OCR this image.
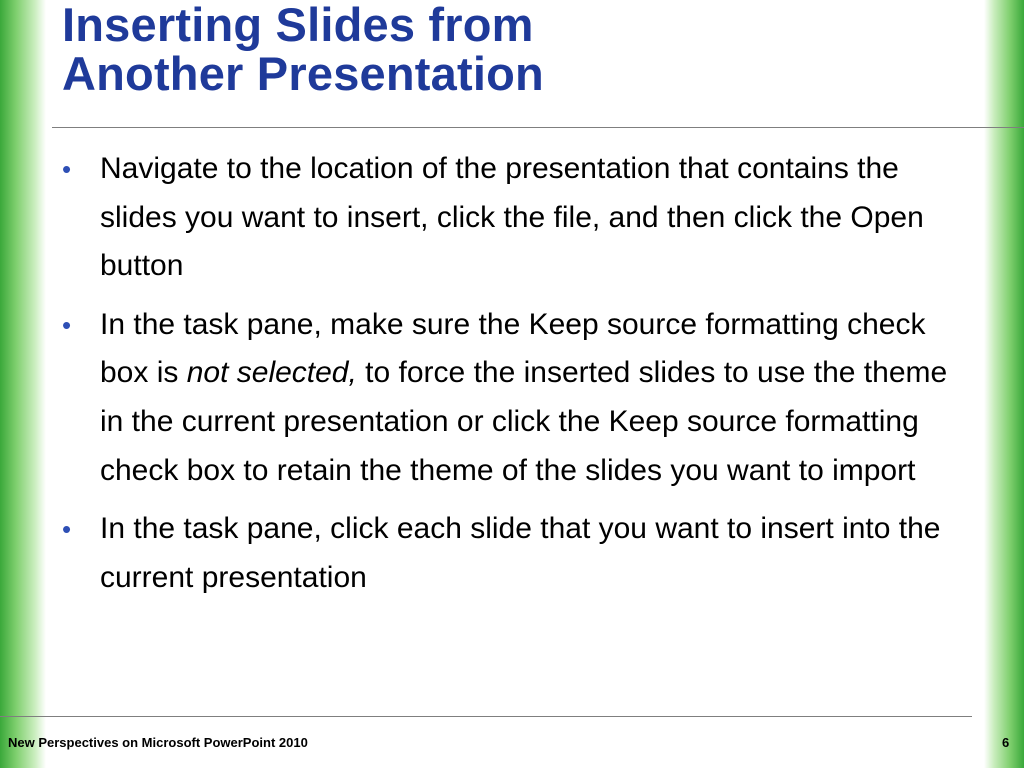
Inserting Slides from
Another Presentation
• Navigate to the location of the presentation that contains the slides you want to insert, click the file, and then click the Open button
• In the task pane, make sure the Keep source formatting check box is not selected, to force the inserted slides to use the theme in the current presentation or click the Keep source formatting check box to retain the theme of the slides you want to import
• In the task pane, click each slide that you want to insert into the current presentation
New Perspectives on Microsoft PowerPoint 2010	6
